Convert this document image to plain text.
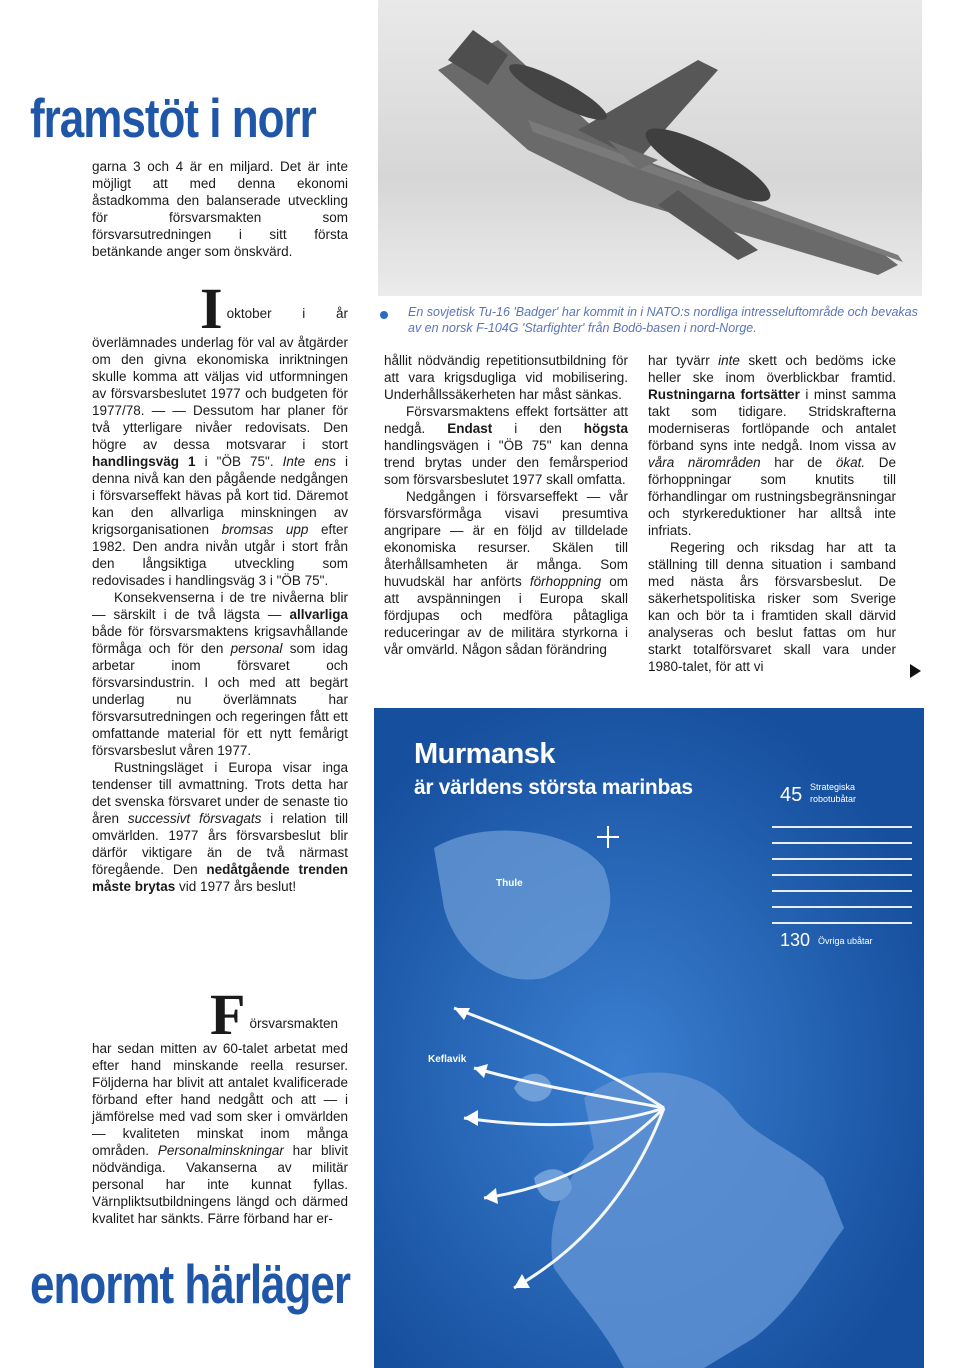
framstöt i norr
En sovjetisk Tu-16 'Badger' har kommit in i NATO:s nordliga intresseluftområde och bevakas av en norsk F-104G 'Starfighter' från Bodö-basen i nord-Norge.

garna 3 och 4 är en miljard. Det är inte möjligt att med denna ekonomi åstadkomma den balanserade utveckling för försvarsmakten som försvarsutredningen i sitt första betänkande anger som önskvärd.

Ioktober i år överlämnades underlag för val av åtgärder om den givna ekonomiska inriktningen skulle komma att väljas vid utformningen av försvarsbeslutet 1977 och budgeten för 1977/78. — — Dessutom har planer för två ytterligare nivåer redovisats. Den högre av dessa motsvarar i stort handlingsväg 1 i "ÖB 75". Inte ens i denna nivå kan den pågående nedgången i försvarseffekt hävas på kort tid. Däremot kan den allvarliga minskningen av krigsorganisationen bromsas upp efter 1982. Den andra nivån utgår i stort från den långsiktiga utveckling som redovisades i handlingsväg 3 i "ÖB 75".

Konsekvenserna i de tre nivåerna blir — särskilt i de två lägsta — allvarliga både för försvarsmaktens krigsavhållande förmåga och för den personal som idag arbetar inom försvaret och försvarsindustrin. I och med att begärt underlag nu överlämnats har försvarsutredningen och regeringen fått ett omfattande material för ett nytt femårigt försvarsbeslut våren 1977.

Rustningsläget i Europa visar inga tendenser till avmattning. Trots detta har det svenska försvaret under de senaste tio åren successivt försvagats i relation till omvärlden. 1977 års försvarsbeslut blir därför viktigare än de två närmast föregående. Den nedåtgående trenden måste brytas vid 1977 års beslut!

Försvarsmakten
har sedan mitten av 60-talet arbetat med efter hand minskande reella resurser. Följderna har blivit att antalet kvalificerade förband efter hand nedgått och att — i jämförelse med vad som sker i omvärlden — kvaliteten minskat inom många områden. Personalminskningar har blivit nödvändiga. Vakanserna av militär personal har inte kunnat fyllas. Värnpliktsutbildningens längd och därmed kvalitet har sänkts. Färre förband har er-

hållit nödvändig repetitionsutbildning för att vara krigsdugliga vid mobilisering. Underhållssäkerheten har måst sänkas.

Försvarsmaktens effekt fortsätter att nedgå. Endast i den högsta handlingsvägen i "ÖB 75" kan denna trend brytas under den femårsperiod som försvarsbeslutet 1977 skall omfatta.

Nedgången i försvarseffekt — vår försvarsförmåga visavi presumtiva angripare — är en följd av tilldelade ekonomiska resurser. Skälen till återhållsamheten är många. Som huvudskäl har anförts förhoppning om att avspänningen i Europa skall fördjupas och medföra påtagliga reduceringar av de militära styrkorna i vår omvärld. Någon sådan förändring

har tyvärr inte skett och bedöms icke heller ske inom överblickbar framtid. Rustningarna fortsätter i minst samma takt som tidigare. Stridskrafterna moderniseras fortlöpande och antalet förband syns inte nedgå. Inom vissa av våra närområden har de ökat. De förhoppningar som knutits till förhandlingar om rustningsbegränsningar och styrkereduktioner har alltså inte infriats.

Regering och riksdag har att ta ställning till denna situation i samband med nästa års försvarsbeslut. De säkerhetspolitiska risker som Sverige kan och bör ta i framtiden skall därvid analyseras och beslut fattas om hur starkt totalförsvaret skall vara under 1980-talet, för att vi

Murmansk
är världens största marinbas	45 Strategiska
robotubåtar
130 Övriga ubåtar
Thule
Keflavik
enormt härläger
